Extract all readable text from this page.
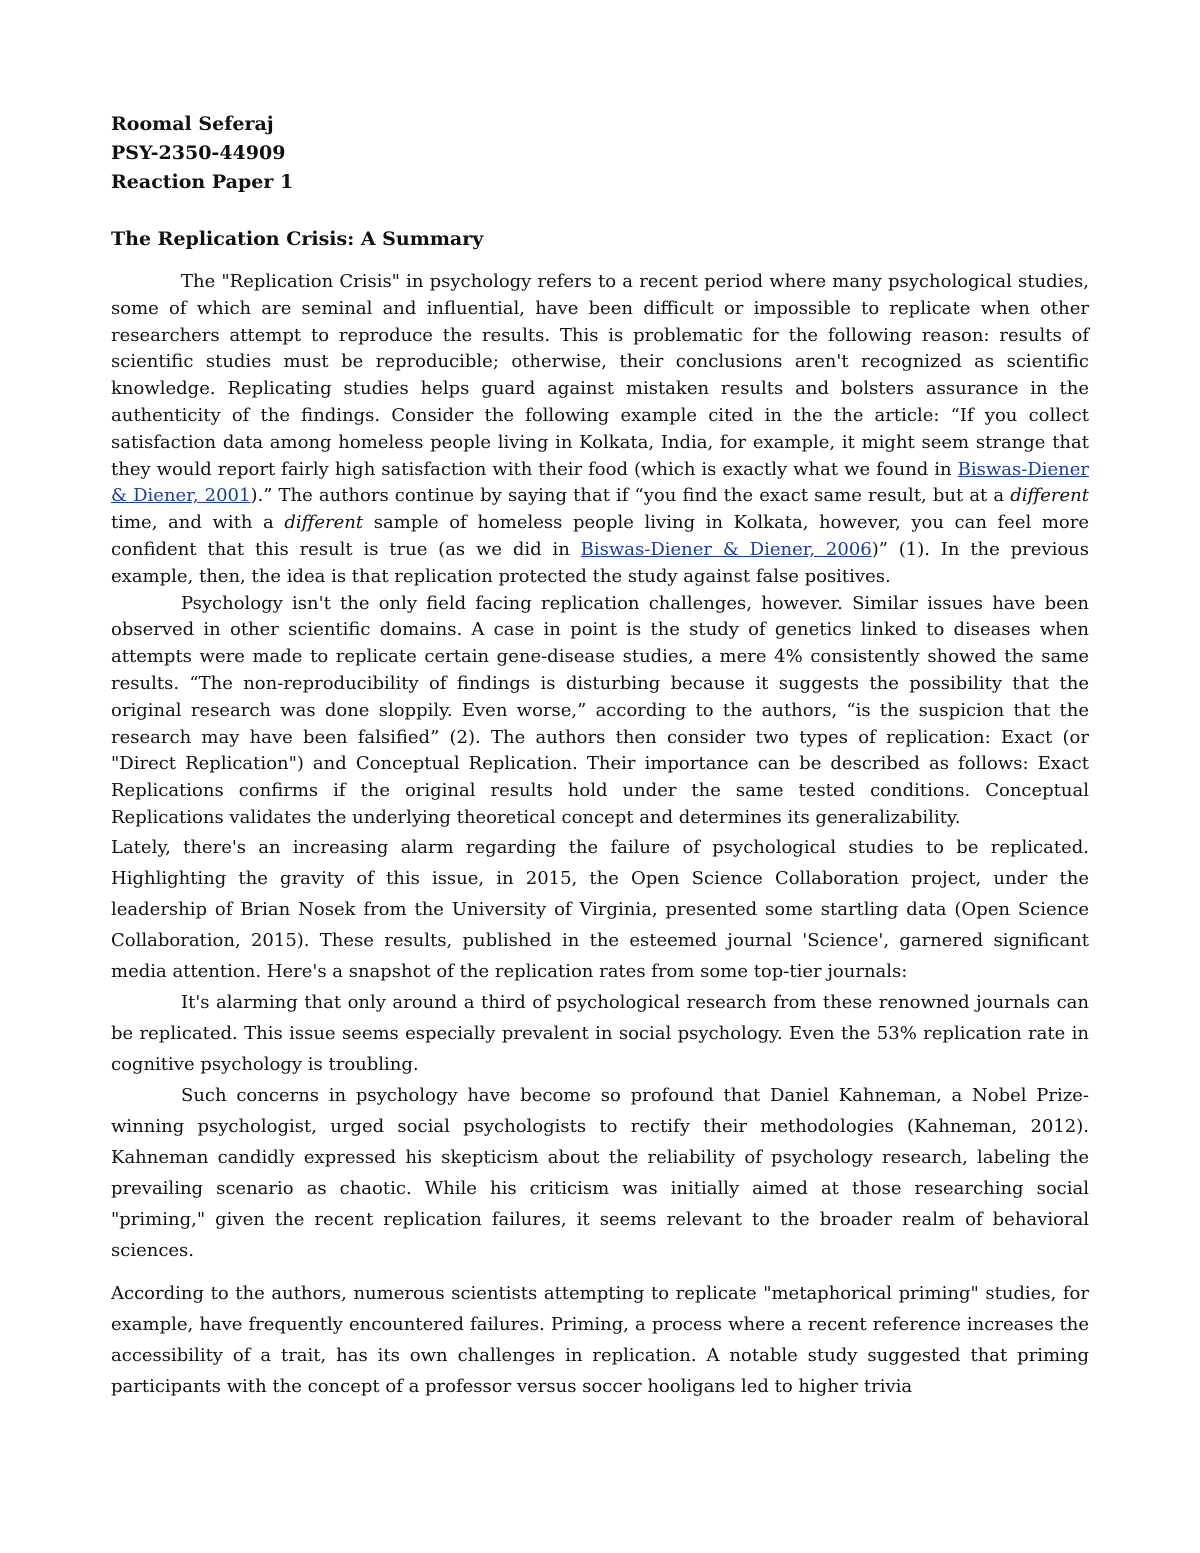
Roomal Seferaj

PSY-2350-44909

Reaction Paper 1

The Replication Crisis: A Summary

The "Replication Crisis" in psychology refers to a recent period where many psychological studies, some of which are seminal and influential, have been difficult or impossible to replicate when other researchers attempt to reproduce the results. This is problematic for the following reason: results of scientific studies must be reproducible; otherwise, their conclusions aren't recognized as scientific knowledge. Replicating studies helps guard against mistaken results and bolsters assurance in the authenticity of the findings. Consider the following example cited in the the article: “If you collect satisfaction data among homeless people living in Kolkata, India, for example, it might seem strange that they would report fairly high satisfaction with their food (which is exactly what we found in Biswas-Diener & Diener, 2001).” The authors continue by saying that if “you find the exact same result, but at a different time, and with a different sample of homeless people living in Kolkata, however, you can feel more confident that this result is true (as we did in Biswas-Diener & Diener, 2006)” (1). In the previous example, then, the idea is that replication protected the study against false positives.

Psychology isn't the only field facing replication challenges, however. Similar issues have been observed in other scientific domains. A case in point is the study of genetics linked to diseases when attempts were made to replicate certain gene-disease studies, a mere 4% consistently showed the same results. “The non-reproducibility of findings is disturbing because it suggests the possibility that the original research was done sloppily. Even worse,” according to the authors, “is the suspicion that the research may have been falsified” (2). The authors then consider two types of replication: Exact (or "Direct Replication") and Conceptual Replication. Their importance can be described as follows: Exact Replications confirms if the original results hold under the same tested conditions. Conceptual Replications validates the underlying theoretical concept and determines its generalizability.

Lately, there's an increasing alarm regarding the failure of psychological studies to be replicated. Highlighting the gravity of this issue, in 2015, the Open Science Collaboration project, under the leadership of Brian Nosek from the University of Virginia, presented some startling data (Open Science Collaboration, 2015). These results, published in the esteemed journal 'Science', garnered significant media attention. Here's a snapshot of the replication rates from some top-tier journals:

It's alarming that only around a third of psychological research from these renowned journals can be replicated. This issue seems especially prevalent in social psychology. Even the 53% replication rate in cognitive psychology is troubling.

Such concerns in psychology have become so profound that Daniel Kahneman, a Nobel Prize-winning psychologist, urged social psychologists to rectify their methodologies (Kahneman, 2012). Kahneman candidly expressed his skepticism about the reliability of psychology research, labeling the prevailing scenario as chaotic. While his criticism was initially aimed at those researching social "priming," given the recent replication failures, it seems relevant to the broader realm of behavioral sciences.

According to the authors, numerous scientists attempting to replicate "metaphorical priming" studies, for example, have frequently encountered failures. Priming, a process where a recent reference increases the accessibility of a trait, has its own challenges in replication. A notable study suggested that priming participants with the concept of a professor versus soccer hooligans led to higher trivia
